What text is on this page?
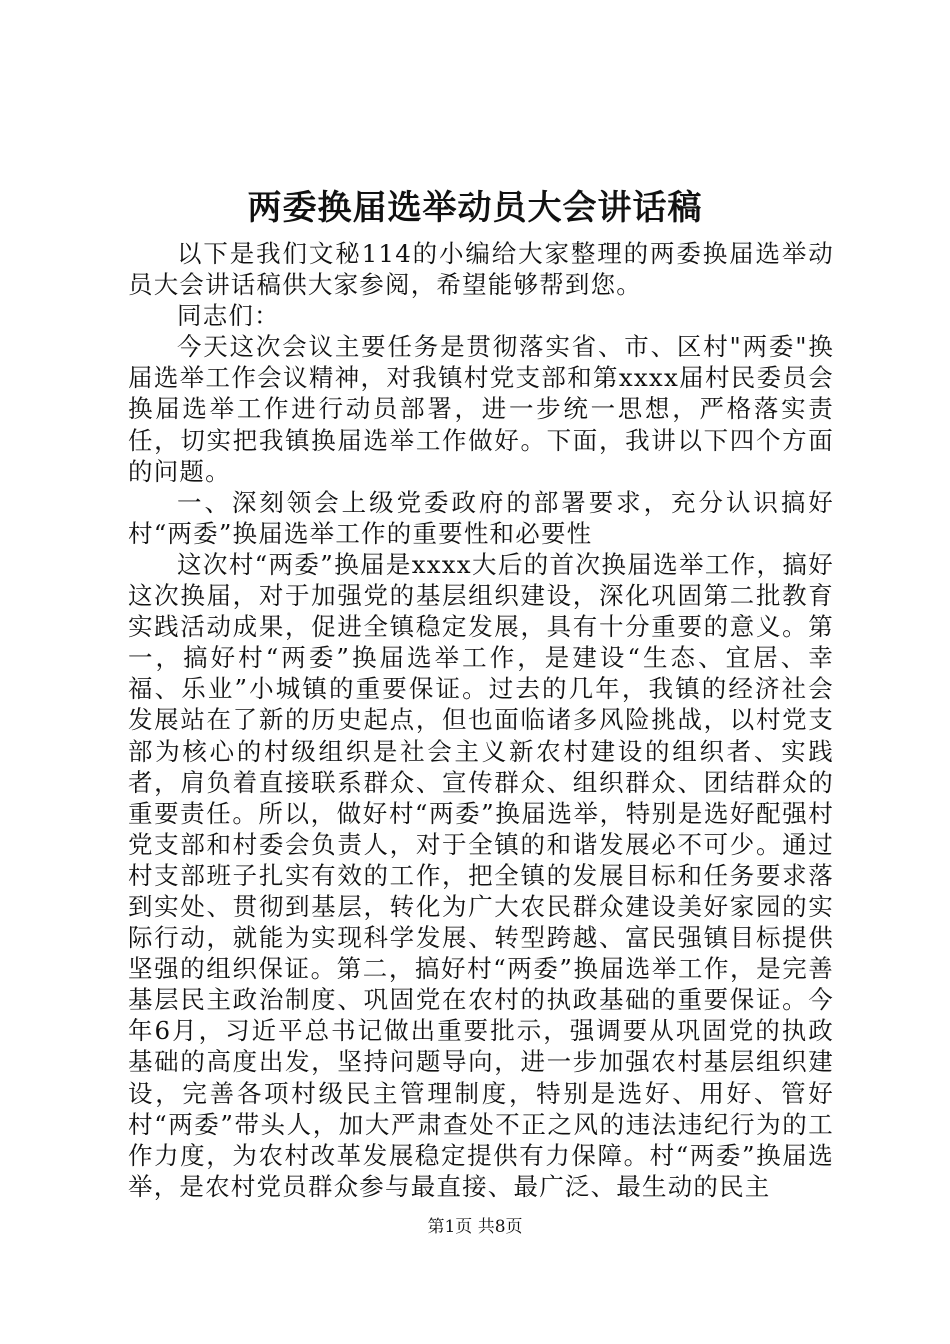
两委换届选举动员大会讲话稿

以下是我们文秘114的小编给大家整理的两委换届选举动员大会讲话稿供大家参阅，希望能够帮到您。

同志们：

今天这次会议主要任务是贯彻落实省、市、区村"两委"换届选举工作会议精神，对我镇村党支部和第xxxx届村民委员会换届选举工作进行动员部署，进一步统一思想，严格落实责任，切实把我镇换届选举工作做好。下面，我讲以下四个方面的问题。

一、深刻领会上级党委政府的部署要求，充分认识搞好村“两委”换届选举工作的重要性和必要性

这次村“两委”换届是xxxx大后的首次换届选举工作，搞好这次换届，对于加强党的基层组织建设，深化巩固第二批教育实践活动成果，促进全镇稳定发展，具有十分重要的意义。第一，搞好村“两委”换届选举工作，是建设“生态、宜居、幸福、乐业”小城镇的重要保证。过去的几年，我镇的经济社会发展站在了新的历史起点，但也面临诸多风险挑战，以村党支部为核心的村级组织是社会主义新农村建设的组织者、实践者，肩负着直接联系群众、宣传群众、组织群众、团结群众的重要责任。所以，做好村“两委”换届选举，特别是选好配强村党支部和村委会负责人，对于全镇的和谐发展必不可少。通过村支部班子扎实有效的工作，把全镇的发展目标和任务要求落到实处、贯彻到基层，转化为广大农民群众建设美好家园的实际行动，就能为实现科学发展、转型跨越、富民强镇目标提供坚强的组织保证。第二，搞好村“两委”换届选举工作，是完善基层民主政治制度、巩固党在农村的执政基础的重要保证。今年6月，习近平总书记做出重要批示，强调要从巩固党的执政基础的高度出发，坚持问题导向，进一步加强农村基层组织建设，完善各项村级民主管理制度，特别是选好、用好、管好村“两委”带头人，加大严肃查处不正之风的违法违纪行为的工作力度，为农村改革发展稳定提供有力保障。村“两委”换届选举，是农村党员群众参与最直接、最广泛、最生动的民主

第1页 共8页
